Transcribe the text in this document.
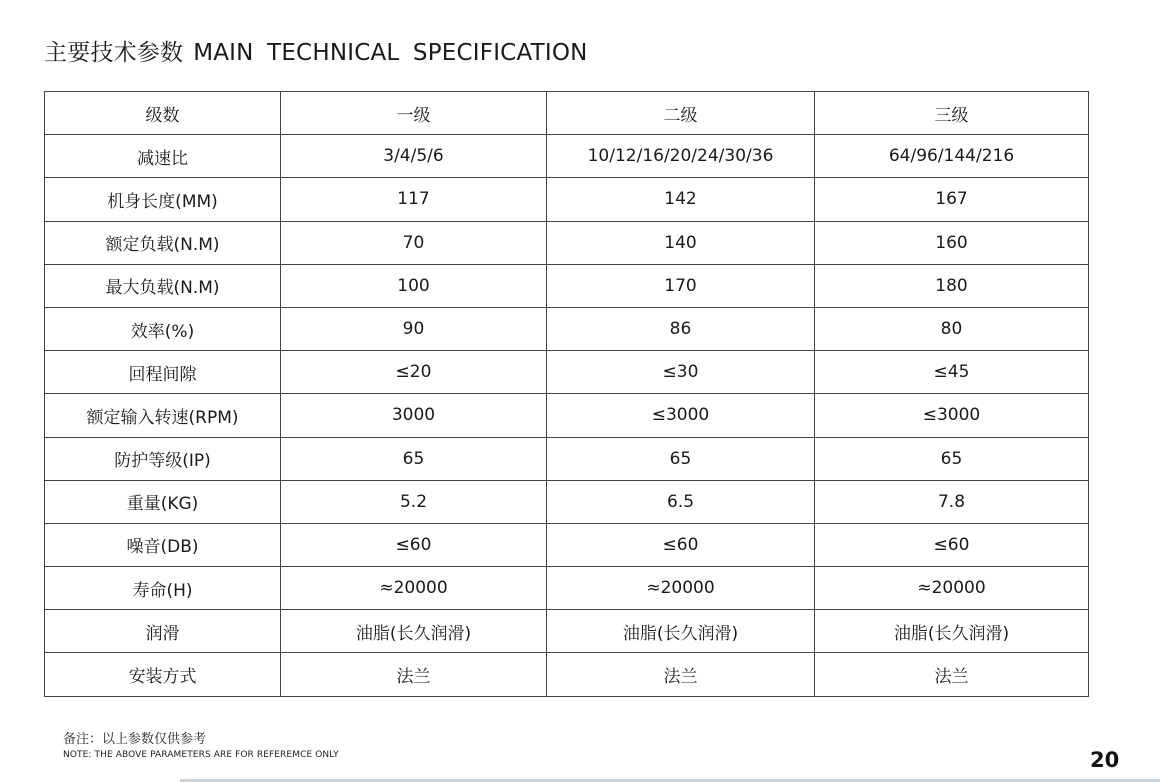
主要技术参数 MAIN TECHNICAL SPECIFICATION
级数	一级	二级	三级
减速比	3/4/5/6	10/12/16/20/24/30/36	64/96/144/216
机身长度(MM)	117	142	167
额定负载(N.M)	70	140	160
最大负载(N.M)	100	170	180
效率(%)	90	86	80
回程间隙	≤20	≤30	≤45
额定输入转速(RPM)	3000	≤3000	≤3000
防护等级(IP)	65	65	65
重量(KG)	5.2	6.5	7.8
噪音(DB)	≤60	≤60	≤60
寿命(H)	≈20000	≈20000	≈20000
润滑	油脂(长久润滑)	油脂(长久润滑)	油脂(长久润滑)
安装方式	法兰	法兰	法兰
备注：以上参数仅供参考
NOTE: THE ABOVE PARAMETERS ARE FOR REFEREMCE ONLY	20
